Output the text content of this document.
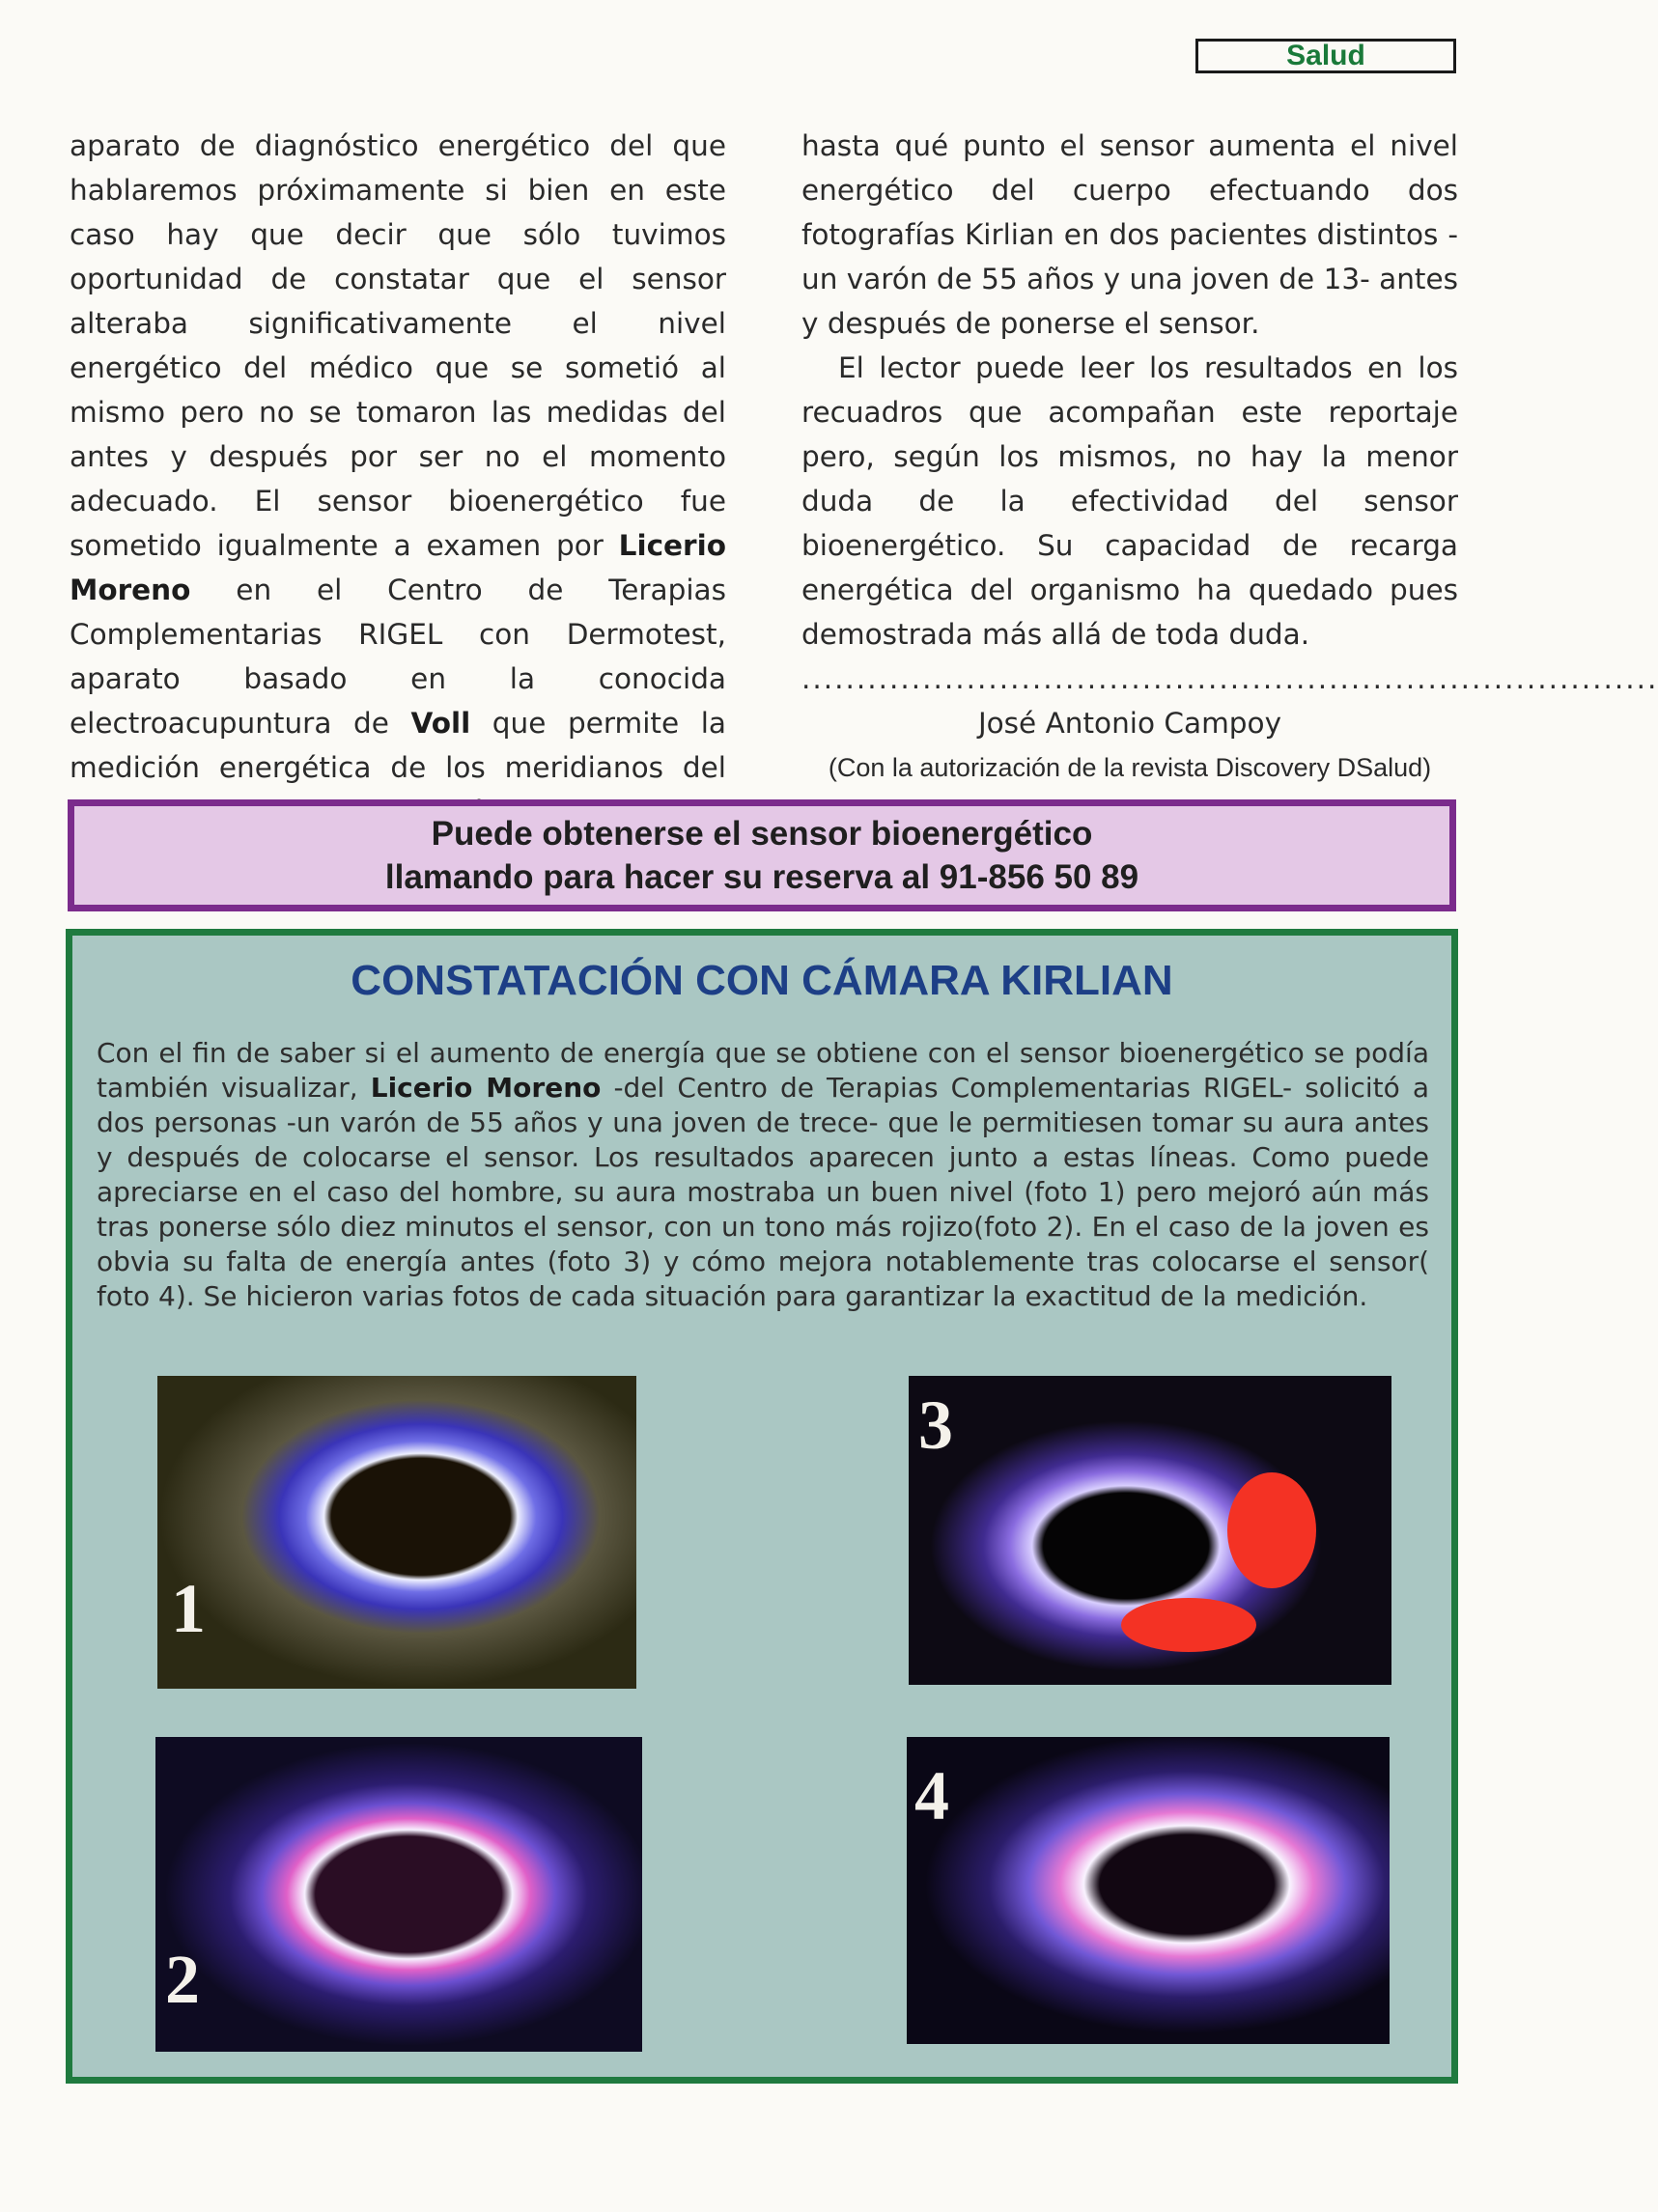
Salud

aparato de diagnóstico energético del que hablaremos próximamente si bien en este caso hay que decir que sólo tuvimos oportunidad de constatar que el sensor alteraba significativamente el nivel energético del médico que se sometió al mismo pero no se tomaron las medidas del antes y después por ser no el momento adecuado. El sensor bioenergético fue sometido igualmente a examen por Licerio Moreno en el Centro de Terapias Complementarias RIGEL con Dermotest, aparato basado en la conocida electroacupuntura de Voll que permite la medición energética de los meridianos del

hasta qué punto el sensor aumenta el nivel energético del cuerpo efectuando dos fotografías Kirlian en dos pacientes distintos -un varón de 55 años y una joven de 13- antes y después de ponerse el sensor.

El lector puede leer los resultados en los recuadros que acompañan este reportaje pero, según los mismos, no hay la menor duda de la efectividad del sensor bioenergético. Su capacidad de recarga energética del organismo ha quedado pues demostrada más allá de toda duda.

..............................................................................

José Antonio Campoy

(Con la autorización de la revista Discovery DSalud)

Puede obtenerse el sensor bioenergético
llamando para hacer su reserva al 91-856 50 89
CONSTATACIÓN CON CÁMARA KIRLIAN

Con el fin de saber si el aumento de energía que se obtiene con el sensor bioenergético se podía también visualizar, Licerio Moreno -del Centro de Terapias Complementarias RIGEL- solicitó a dos personas -un varón de 55 años y una joven de trece- que le permitiesen tomar su aura antes y después de colocarse el sensor. Los resultados aparecen junto a estas líneas. Como puede apreciarse en el caso del hombre, su aura mostraba un buen nivel (foto 1) pero mejoró aún más tras ponerse sólo diez minutos el sensor, con un tono más rojizo(foto 2). En el caso de la joven es obvia su falta de energía antes (foto 3) y cómo mejora notablemente tras colocarse el sensor( foto 4). Se hicieron varias fotos de cada situación para garantizar la exactitud de la medición.

1
2
3
4
